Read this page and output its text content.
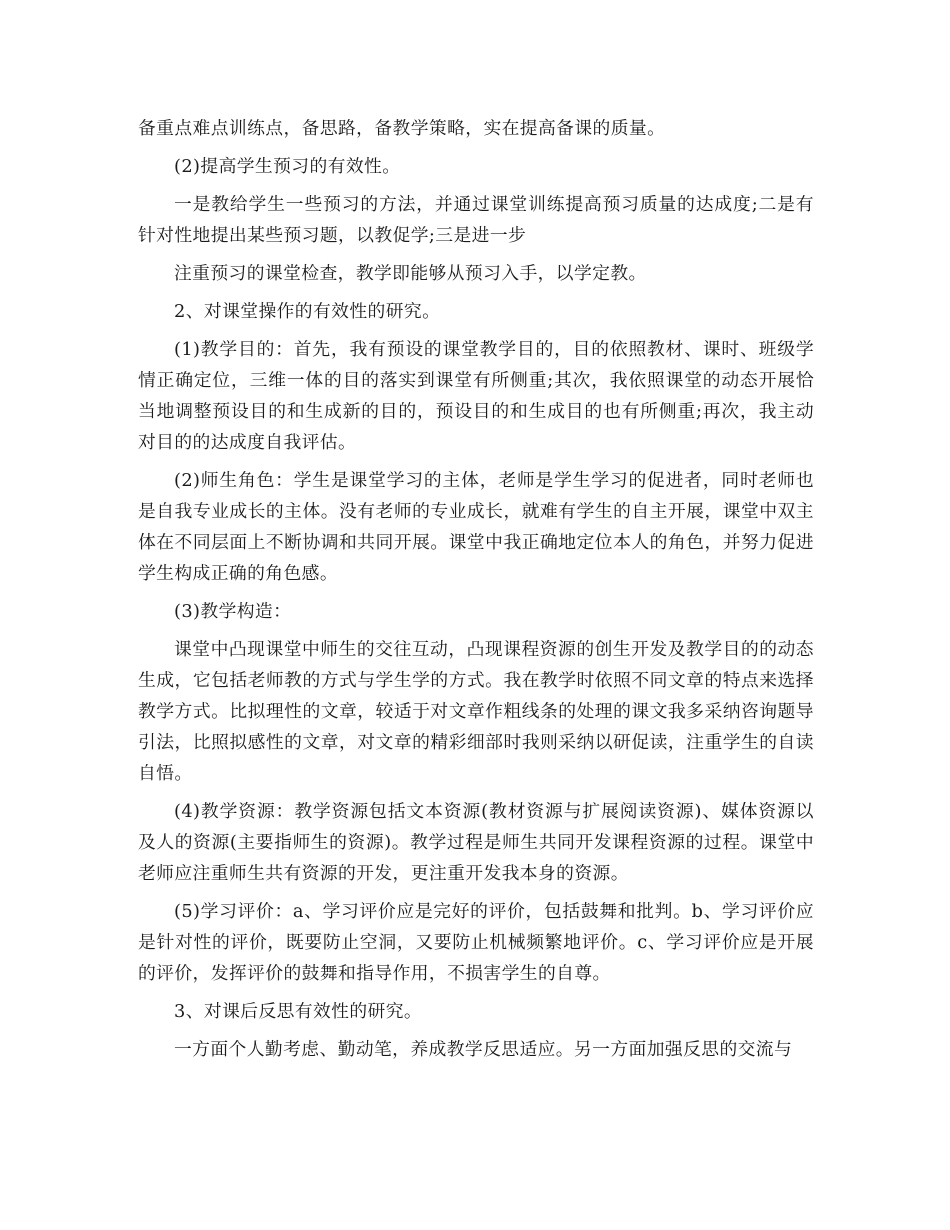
备重点难点训练点，备思路，备教学策略，实在提高备课的质量。

(2)提高学生预习的有效性。

一是教给学生一些预习的方法，并通过课堂训练提高预习质量的达成度;二是有针对性地提出某些预习题，以教促学;三是进一步

注重预习的课堂检查，教学即能够从预习入手，以学定教。

2、对课堂操作的有效性的研究。

(1)教学目的：首先，我有预设的课堂教学目的，目的依照教材、课时、班级学情正确定位，三维一体的目的落实到课堂有所侧重;其次，我依照课堂的动态开展恰当地调整预设目的和生成新的目的，预设目的和生成目的也有所侧重;再次，我主动对目的的达成度自我评估。

(2)师生角色：学生是课堂学习的主体，老师是学生学习的促进者，同时老师也是自我专业成长的主体。没有老师的专业成长，就难有学生的自主开展，课堂中双主体在不同层面上不断协调和共同开展。课堂中我正确地定位本人的角色，并努力促进学生构成正确的角色感。

(3)教学构造：

课堂中凸现课堂中师生的交往互动，凸现课程资源的创生开发及教学目的的动态生成，它包括老师教的方式与学生学的方式。我在教学时依照不同文章的特点来选择教学方式。比拟理性的文章，较适于对文章作粗线条的处理的课文我多采纳咨询题导引法，比照拟感性的文章，对文章的精彩细部时我则采纳以研促读，注重学生的自读自悟。

(4)教学资源：教学资源包括文本资源(教材资源与扩展阅读资源)、媒体资源以及人的资源(主要指师生的资源)。教学过程是师生共同开发课程资源的过程。课堂中老师应注重师生共有资源的开发，更注重开发我本身的资源。

(5)学习评价：a、学习评价应是完好的评价，包括鼓舞和批判。b、学习评价应是针对性的评价，既要防止空洞，又要防止机械频繁地评价。c、学习评价应是开展的评价，发挥评价的鼓舞和指导作用，不损害学生的自尊。

3、对课后反思有效性的研究。

一方面个人勤考虑、勤动笔，养成教学反思适应。另一方面加强反思的交流与
